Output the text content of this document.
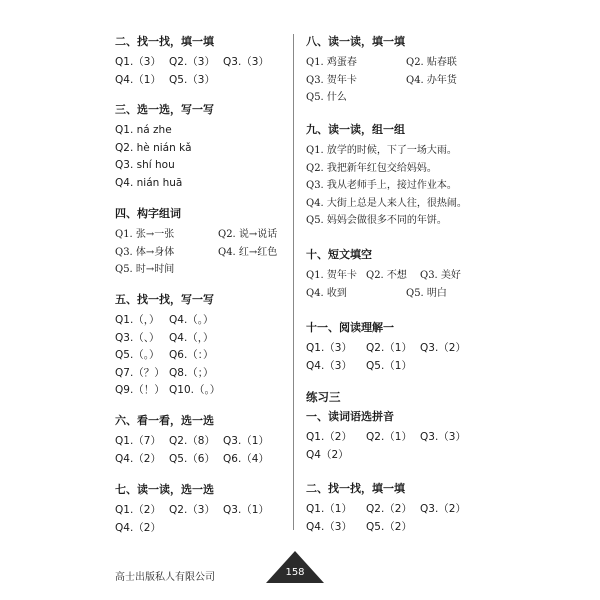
二、找一找，填一填
Q1.（3） Q2.（3） Q3.（3）
Q4.（1） Q5.（3）
三、选一选，写一写
Q1. ná zhe
Q2. hè nián kǎ
Q3. shí hou
Q4. nián huā
四、构字组词
Q1. 张→一张	Q2. 说→说话
Q3. 体→身体	Q4. 红→红色
Q5. 时→时间
五、找一找，写一写
Q1.（，） Q4.（。）
Q3.（、） Q4.（，）
Q5.（。） Q6.（：）
Q7.（？） Q8.（；）
Q9.（！） Q10.（。）
六、看一看，选一选
Q1.（7） Q2.（8） Q3.（1）
Q4.（2） Q5.（6） Q6.（4）
七、读一读，选一选
Q1.（2） Q2.（3） Q3.（1）
Q4.（2）
八、读一读，填一填
Q1. 鸡蛋春	Q2. 贴春联
Q3. 贺年卡	Q4. 办年货
Q5. 什么
九、读一读，组一组
Q1. 放学的时候，下了一场大雨。
Q2. 我把新年红包交给妈妈。
Q3. 我从老师手上，接过作业本。
Q4. 大街上总是人来人往，很热闹。
Q5. 妈妈会做很多不同的年饼。
十、短文填空
Q1. 贺年卡 Q2. 不想 Q3. 美好
Q4. 收到	Q5. 明白
十一、阅读理解一
Q1.（3） Q2.（1） Q3.（2）
Q4.（3） Q5.（1）
练习三
一、读词语选拼音
Q1.（2） Q2.（1） Q3.（3）
Q4（2）
二、找一找，填一填
Q1.（1） Q2.（2） Q3.（2）
Q4.（3） Q5.（2）
高士出版私人有限公司	158
